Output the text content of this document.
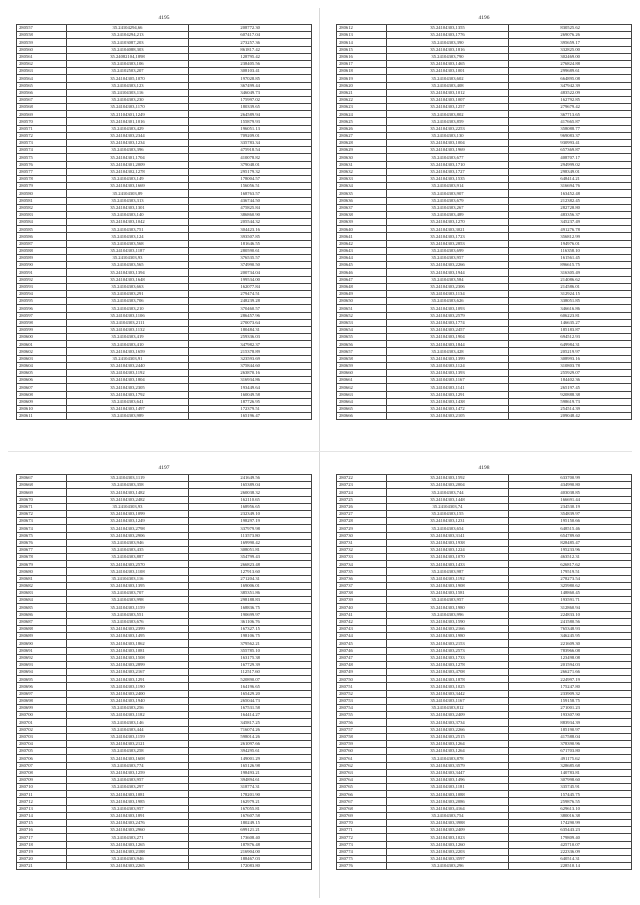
4195
280557	35.24104294,66	208772.30
280558	35.24104294,213	607417.04
280559	35.24103087,203	273257.36
280560	35.24104088,303	861817.42
280561	35.24082104,1898	128795.42
280562	35.24104303,106	238405.56
280563	35.24102503,207	308103.41
280564	35.24104305,1070	197028.85
280565	35.24104303,123	367499.44
280566	35.24104303,116	346049.73
280567	35.24104303,230	175997.02
280568	35.24104303,1170	180339.65
280569	35.21104301,1249	264589.94
280570	35.24104301,1016	155879.93
280571	35.24104303,429	196051.13
280572	35.24104303,2344	709209.01
280573	35.24104303,1234	335783.34
280574	35.24104303,396	475918.54
280575	35.24104301,1704	410078.82
280576	35.24104301,2009	379048.01
280577	35.24104302,1278	295179.32
280578	35.24104303,149	178004.57
280579	35.24104303,1669	156056.51
280580	35.24104303,89	168763.57
280581	35.24104303,313	436744.50
280582	35.24104303,1301	475825.84
280583	35.24104303,140	386860.90
280584	35.24104303,1042	205544.32
280585	35.24104303,751	304423.16
280586	35.24104303,124	393507.85
280587	35.24104303,568	181646.55
280588	35.24104303,1187	280590.61
280589	35.24104303,93	376535.57
280590	35.24104303,565	374990.50
280591	35.24104303,1394	200734.04
280592	35.24104303,1648	199534.00
280593	35.24104303,663	162077.84
280594	35.24104303,291	279474.51
280595	35.24104303,706	248239.28
280596	35.24104303,210	370460.57
280597	35.24104303,1106	286457.96
280598	35.24104303,2111	270073.64
280599	35.24104303,1132	180484.31
280600	35.24104303,419	259336.03
280601	35.24104303,410	347982.37
280602	35.24104303,1659	215378.89
280603	35.24104303,91	323593.69
280604	35.24104303,2440	375844.60
280605	35.24104303,1192	263870.16
280606	35.24104303,1804	316934.86
280607	35.24104303,2305	193449.64
280608	35.24104303,1792	160049.58
280609	35.24104303,641	187726.95
280610	35.24104303,1497	172379.51
280611	35.24104303,989	165196.47
4196
280612	35.24104303,1355	830525.62
280613	35.24104303,1776	269076.26
280614	35.24104303,390	395659.17
280615	35.24104303,1816	332825.00
280616	35.24104303,790	302469.00
280617	35.24104303,1465	276824.88
280618	35.24104303,1001	299689.61
280619	35.24104303,602	664895.08
280620	35.24104303,408	347942.39
280621	35.24104303,1012	483522.09
280622	35.24104303,1007	162792.85
280623	35.24104303,1257	279679.42
280624	35.24104303,802	367713.65
280625	35.24104303,859	417665.87
280626	35.24104303,2253	358088.77
280627	35.24104303,130	969083.37
280628	35.24104303,1004	930993.41
280629	35.24104303,1969	657369.87
280630	35.24104303,677	408707.17
280631	35.24104303,1710	294999.02
280632	35.24104303,1727	298349.01
280633	35.24104303,1535	648414.21
280634	35.24104303,914	316694.76
280635	35.24104303,907	163452.48
280636	35.24104303,679	212382.45
280637	35.24104303,267	282728.80
280638	35.24104303,489	483356.37
280639	35.24104303,1270	345237.49
280640	35.24104303,3021	491276.78
280641	35.24104303,1723	356812.99
280642	35.24104303,2853	194976.01
280643	35.24104303,699	116358.10
280644	35.24104303,957	161561.45
280645	35.24104303,2266	896615.75
280646	35.24104303,1944	316305.49
280647	35.24104303,584	214086.62
280648	35.24104303,2306	214586.01
280649	35.24104303,1134	312924.15
280650	35.24104303,626	338051.85
280651	35.24104303,1093	346616.86
280652	35.24104303,2579	606223.81
280653	35.24104303,1774	146635.27
280654	35.24104303,2457	185183.87
280655	35.24104303,1904	694512.93
280656	35.24104303,1844	649984.31
280657	35.24104303,428	205219.97
280658	35.24104303,1399	308993.16
280659	35.24104303,1124	310803.78
280660	35.24104303,1393	255929.07
280661	35.24104303,1167	184402.36
280662	35.24104303,1141	265197.45
280663	35.24104303,1291	920888.38
280664	35.24104303,1438	598619.73
280665	35.24104303,1472	254514.39
280666	35.24104303,2105	209048.42
4197
280667	35.24104303,1119	241649.56
280668	35.24104303,358	165389.04
280669	35.24104303,1482	260038.32
280670	35.24104303,2482	162110.65
280671	35.24104303,93	168956.65
280672	35.24104303,1099	232349.10
280673	35.24104303,1249	198297.19
280674	35.24104303,2798	337979.98
280675	35.24104303,2906	113573.80
280676	35.24104303,946	169990.42
280677	35.24104303,435	308051.81
280678	35.24104303,887	354799.43
280679	35.24104303,2570	266823.48
280680	35.24104303,1108	127913.60
280681	35.24104303,116	271204.31
280682	35.24104303,1395	169006.01
280683	35.24104303,707	385351.86
280684	35.24104303,998	298188.83
280685	35.24104303,1159	168836.75
280686	35.24104303,551	190699.97
280687	35.24104303,676	361106.76
280688	35.24104303,2399	167327.15
280689	35.24104303,1495	198106.75
280690	35.24104303,1862	379562.21
280691	35.24104303,1081	355785.10
280692	35.24104303,1508	163175.38
280693	35.24104303,2899	167729.39
280694	35.24104303,2167	112517.60
280695	35.24104303,1291	520890.07
280696	35.24104303,1190	164196.65
280697	35.24104303,2400	165429.20
280698	35.24104303,1940	265044.73
280699	35.24104303,256	167531.58
280700	35.24104303,1182	164414.27
280701	35.24104303,146	345817.25
280702	35.24104303,444	716074.26
280703	35.24104303,1159	598014.26
280704	35.24104303,2121	261097.66
280705	35.24104303,258	394295.61
280706	35.24104303,1608	149001.29
280707	35.24104303,774	165126.98
280708	35.24104303,1259	198493.21
280709	35.24104303,957	394894.61
280710	35.24104303,297	318774.31
280711	35.24104303,1081	178201.90
280712	35.24104303,1985	162979.21
280713	35.24104303,957	167055.81
280714	35.24104303,1891	167607.58
280715	35.24104303,2476	180249.15
280716	35.24104303,2960	699121.21
280717	35.24104303,271	173608.40
280718	35.24104303,1265	187876.48
280719	35.24104303,2188	216904.00
280720	35.24104303,946	188467.03
280721	35.24104303,2265	172083.80
4198
280722	35.24104303,1592	633700.99
280723	35.24104303,2004	434990.80
280724	35.24104303,744	403038.85
280725	35.24104303,1448	166691.44
280726	35.24104303,74	234530.19
280727	35.24104303,155	354839.97
280728	35.24104303,1231	195150.66
280729	35.24104303,654	648515.46
280730	35.24104303,3141	654789.60
280731	35.24104303,1938	828485.47
280732	35.24104303,1224	195233.96
280733	35.24104303,1070	463512.31
280734	35.24104303,1433	626817.62
280735	35.24104303,987	179519.51
280736	35.24104303,1192	278273.54
280737	35.24104303,1908	325980.62
280738	35.24104303,1581	148860.45
280739	35.24104303,957	193591.71
280740	35.24104303,1980	312860.94
280741	35.24104303,996	224833.10
280742	35.24104303,1590	241580.56
280743	35.24104303,2166	765348.93
280744	35.24104303,1980	346245.95
280745	35.24104303,2153	221609.30
280746	35.24104303,2573	783966.08
280747	35.24104303,1733	123498.08
280748	35.24104303,1278	201594.03
280749	35.24104303,4708	266271.66
280750	35.24104303,1878	224997.19
280751	35.24104303,1025	175247.80
280752	35.24104303,3442	233909.32
280753	35.24104303,1167	159158.75
280754	35.24104303,812	271001.23
280755	35.24104303,2409	193307.90
280756	35.24104303,3734	883934.39
280757	35.24104303,2266	185190.97
280758	35.24104303,2515	417588.04
280759	35.24104303,1264	378390.96
280760	35.24104303,1264	671703.80
280761	35.24104303,878	491175.62
280762	35.24104303,3579	328685.68
280763	35.24104303,3447	140783.81
280764	35.24104303,1496	307998.60
280765	35.24104303,1181	335745.91
280766	35.24104303,1088	157445.75
280767	35.24104303,2086	259876.55
280768	35.24104303,4164	629613.10
280769	35.24104303,754	380016.38
280770	35.24104303,3988	174290.99
280771	35.24104303,2409	635443.23
280772	35.24104303,1023	179809.40
280773	35.24104303,1260	425710.07
280774	35.24104303,2203	222336.09
280775	35.24104303,3597	640514.31
280776	35.24104303,296	228510.14
